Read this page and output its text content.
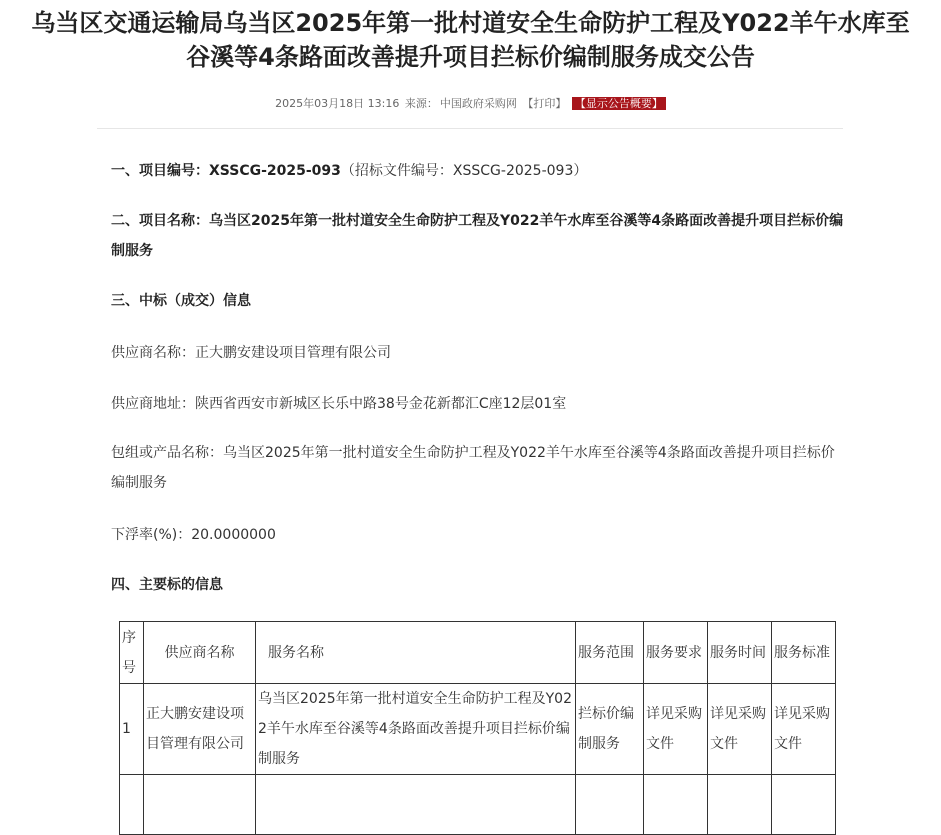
乌当区交通运输局乌当区2025年第一批村道安全生命防护工程及Y022羊午水库至谷溪等4条路面改善提升项目拦标价编制服务成交公告
2025年03月18日 13:16 来源： 中国政府采购网 【打印】 【显示公告概要】
一、项目编号：XSSCG-2025-093（招标文件编号：XSSCG-2025-093）
二、项目名称：乌当区2025年第一批村道安全生命防护工程及Y022羊午水库至谷溪等4条路面改善提升项目拦标价编制服务
三、中标（成交）信息
供应商名称：正大鹏安建设项目管理有限公司
供应商地址：陕西省西安市新城区长乐中路38号金花新都汇C座12层01室
包组或产品名称：乌当区2025年第一批村道安全生命防护工程及Y022羊午水库至谷溪等4条路面改善提升项目拦标价编制服务
下浮率(%)：20.0000000
四、主要标的信息
序号	供应商名称	服务名称	服务范围	服务要求	服务时间	服务标准
1	正大鹏安建设项目管理有限公司	乌当区2025年第一批村道安全生命防护工程及Y022羊午水库至谷溪等4条路面改善提升项目拦标价编制服务	拦标价编制服务	详见采购文件	详见采购文件	详见采购文件
